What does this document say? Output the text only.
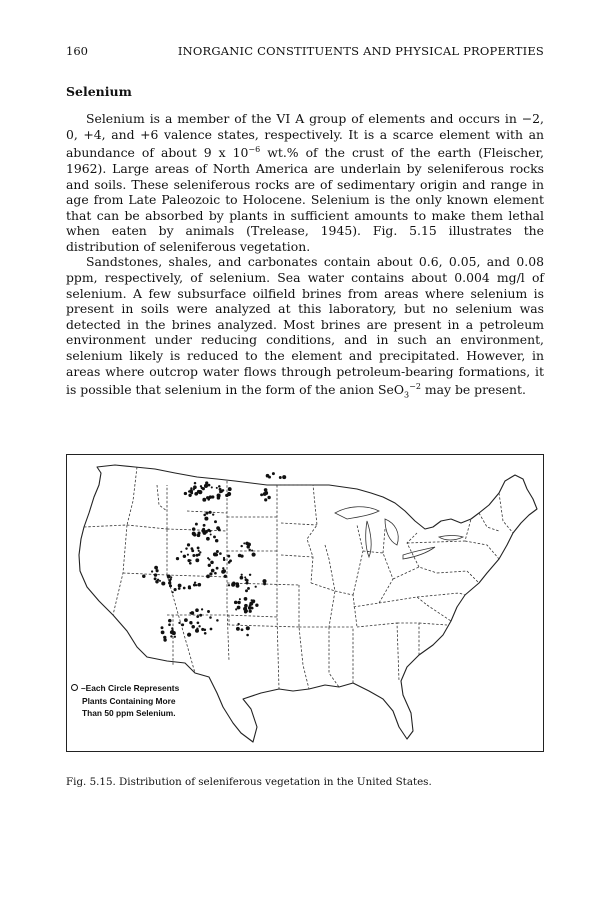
160	INORGANIC CONSTITUENTS AND PHYSICAL PROPERTIES
Selenium

Selenium is a member of the VI A group of elements and occurs in −2, 0, +4, and +6 valence states, respectively. It is a scarce element with an abundance of about 9 x $10^{-6}$ wt.% of the crust of the earth (Fleischer, 1962). Large areas of North America are underlain by seleniferous rocks and soils. These seleniferous rocks are of sedimentary origin and range in age from Late Paleozoic to Holocene. Selenium is the only known element that can be absorbed by plants in sufficient amounts to make them lethal when eaten by animals (Trelease, 1945). Fig. 5.15 illustrates the distribution of seleniferous vegetation.

Sandstones, shales, and carbonates contain about 0.6, 0.05, and 0.08 ppm, respectively, of selenium. Sea water contains about 0.004 mg/l of selenium. A few subsurface oilfield brines from areas where selenium is present in soils were analyzed at this laboratory, but no selenium was detected in the brines analyzed. Most brines are present in a petroleum environment under reducing conditions, and in such an environment, selenium likely is reduced to the element and precipitated. However, in areas where outcrop water flows through petroleum-bearing formations, it is possible that selenium in the form of the anion SeO$_3^{-2}$ may be present.

–Each Circle Represents
Plants Containing More
Than 50 ppm Selenium.
Fig. 5.15. Distribution of seleniferous vegetation in the United States.
